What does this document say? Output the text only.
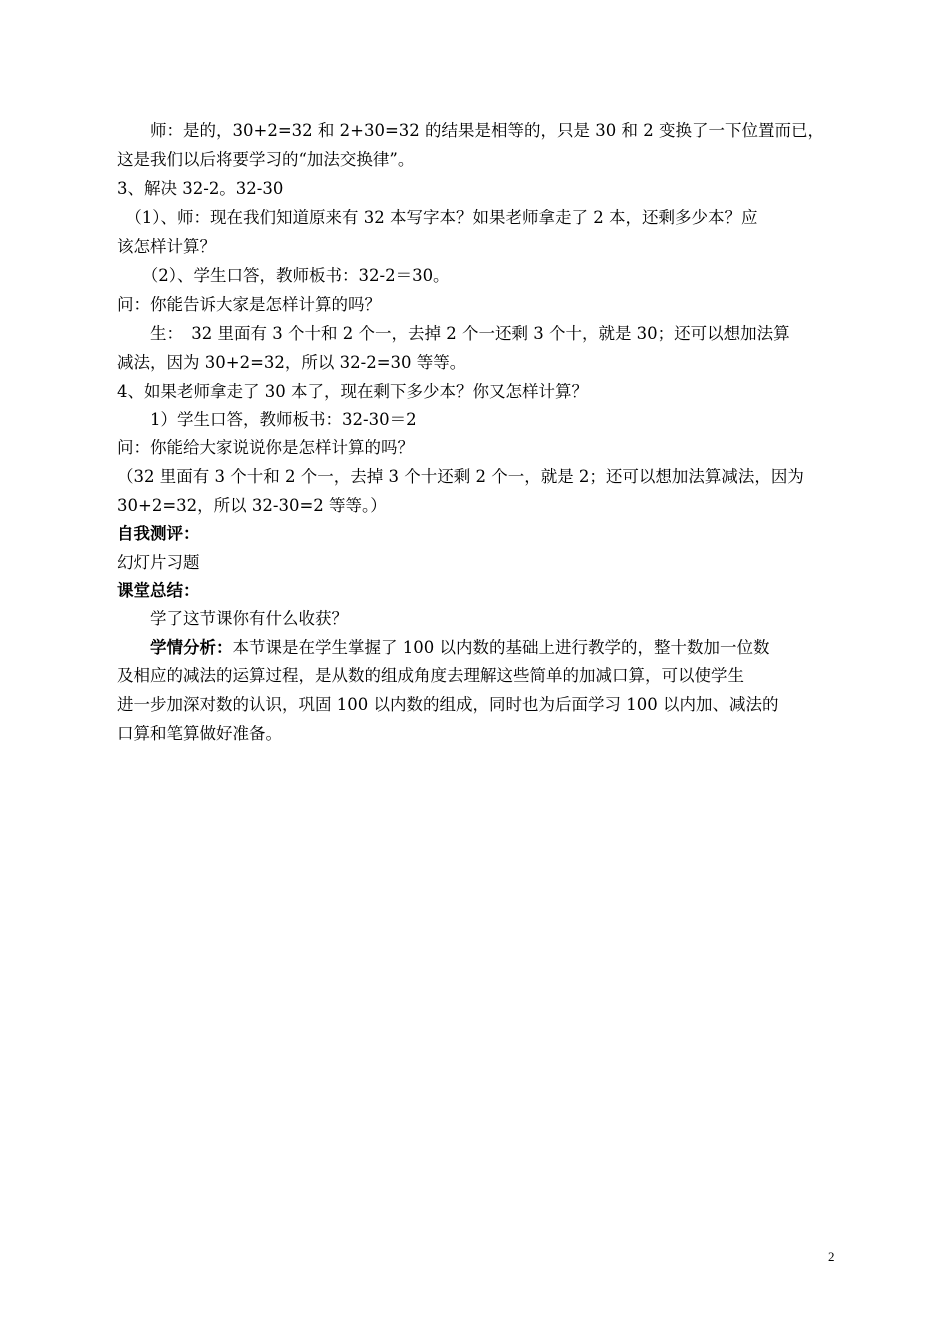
　　师：是的，30+2=32 和 2+30=32 的结果是相等的，只是 30 和 2 变换了一下位置而已，
这是我们以后将要学习的“加法交换律”。
3、解决 32-2。32-30
　（1）、师：现在我们知道原来有 32 本写字本？如果老师拿走了 2 本，还剩多少本？应
该怎样计算？
　　（2）、学生口答，教师板书：32-2＝30。
问：你能告诉大家是怎样计算的吗？
　　生：　32 里面有 3 个十和 2 个一，去掉 2 个一还剩 3 个十，就是 30；还可以想加法算
减法，因为 30+2=32，所以 32-2=30 等等。
4、如果老师拿走了 30 本了，现在剩下多少本？你又怎样计算？
　　1）学生口答，教师板书：32-30＝2
问：你能给大家说说你是怎样计算的吗？
（32 里面有 3 个十和 2 个一，去掉 3 个十还剩 2 个一，就是 2；还可以想加法算减法，因为
30+2=32，所以 32-30=2 等等。）
自我测评：
幻灯片习题
课堂总结：
　　学了这节课你有什么收获？
　　学情分析：本节课是在学生掌握了 100 以内数的基础上进行教学的，整十数加一位数
及相应的减法的运算过程，是从数的组成角度去理解这些简单的加减口算，可以使学生
进一步加深对数的认识，巩固 100 以内数的组成，同时也为后面学习 100 以内加、减法的
口算和笔算做好准备。
2
